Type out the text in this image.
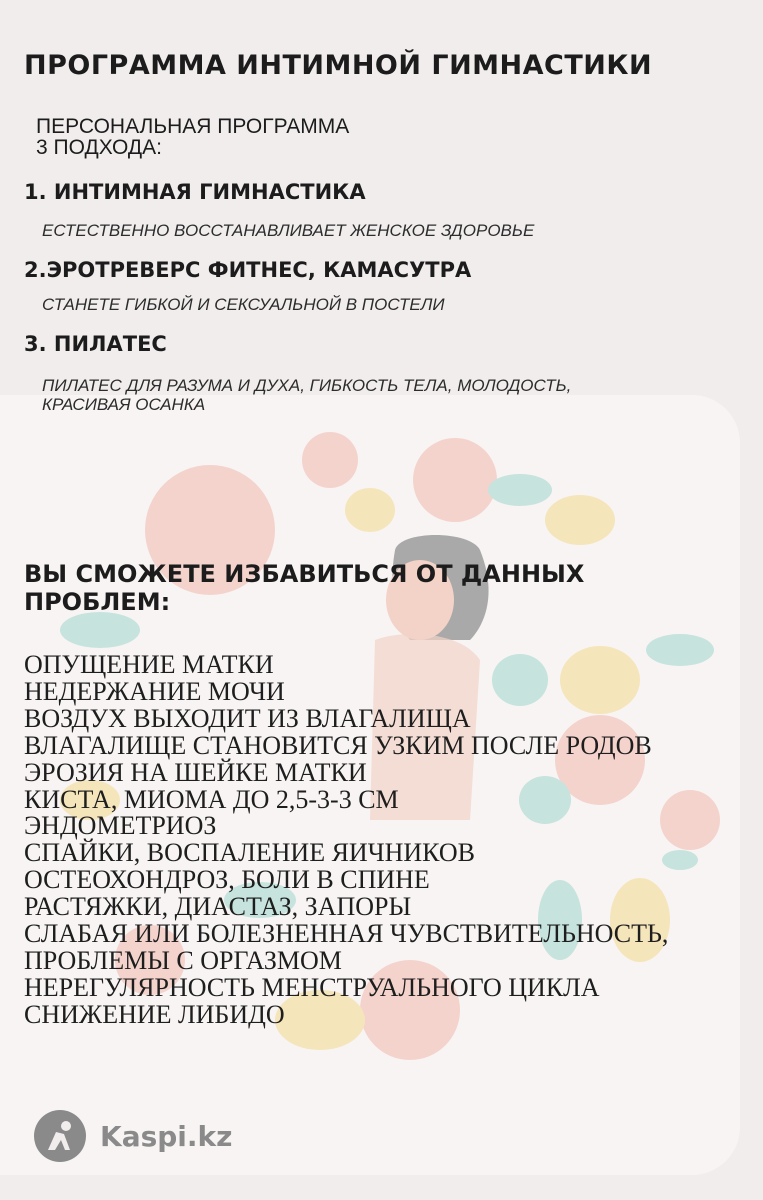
ПРОГРАММА ИНТИМНОЙ ГИМНАСТИКИ
ПЕРСОНАЛЬНАЯ ПРОГРАММА
3 ПОДХОДА:
1. ИНТИМНАЯ ГИМНАСТИКА
ЕСТЕСТВЕННО ВОССТАНАВЛИВАЕТ ЖЕНСКОЕ ЗДОРОВЬЕ
2.ЭРОТРЕВЕРС ФИТНЕС, КАМАСУТРА
СТАНЕТЕ ГИБКОЙ И СЕКСУАЛЬНОЙ В ПОСТЕЛИ
3. ПИЛАТЕС
ПИЛАТЕС ДЛЯ РАЗУМА И ДУХА, ГИБКОСТЬ ТЕЛА, МОЛОДОСТЬ,
КРАСИВАЯ ОСАНКА
ВЫ СМОЖЕТЕ ИЗБАВИТЬСЯ ОТ ДАННЫХ ПРОБЛЕМ:
ОПУЩЕНИЕ МАТКИ
НЕДЕРЖАНИЕ МОЧИ
ВОЗДУХ ВЫХОДИТ ИЗ ВЛАГАЛИЩА
ВЛАГАЛИЩЕ СТАНОВИТСЯ УЗКИМ ПОСЛЕ РОДОВ
ЭРОЗИЯ НА ШЕЙКЕ МАТКИ
КИСТА, МИОМА ДО 2,5-3-3 СМ
ЭНДОМЕТРИОЗ
СПАЙКИ, ВОСПАЛЕНИЕ ЯИЧНИКОВ
ОСТЕОХОНДРОЗ, БОЛИ В СПИНЕ
РАСТЯЖКИ, ДИАСТАЗ, ЗАПОРЫ
СЛАБАЯ ИЛИ БОЛЕЗНЕННАЯ ЧУВСТВИТЕЛЬНОСТЬ,
ПРОБЛЕМЫ С ОРГАЗМОМ
НЕРЕГУЛЯРНОСТЬ МЕНСТРУАЛЬНОГО ЦИКЛА
СНИЖЕНИЕ ЛИБИДО
Kaspi.kz
